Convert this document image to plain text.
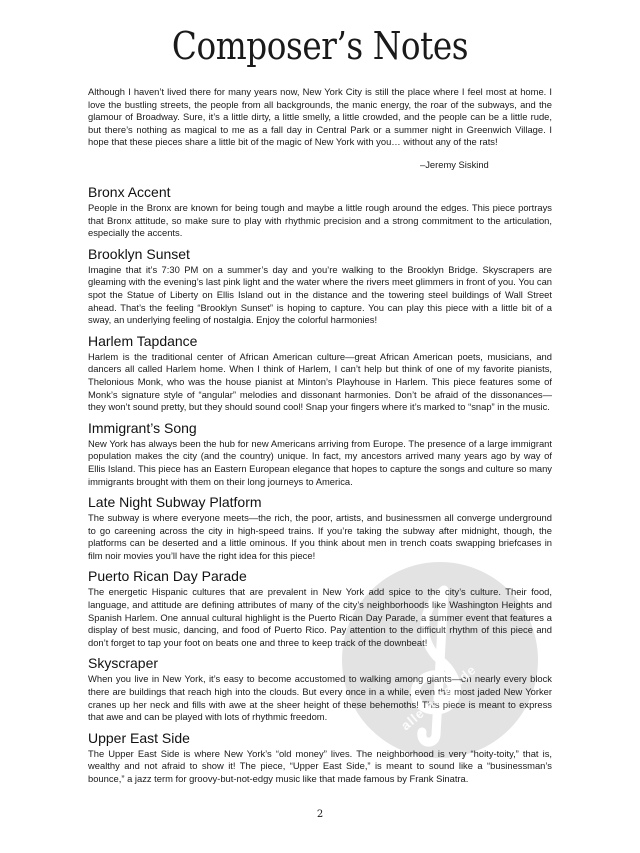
Composer’s Notes

Although I haven’t lived there for many years now, New York City is still the place where I feel most at home. I love the bustling streets, the people from all backgrounds, the manic energy, the roar of the subways, and the glamour of Broadway. Sure, it’s a little dirty, a little smelly, a little crowded, and the people can be a little rude, but there’s nothing as magical to me as a fall day in Central Park or a summer night in Greenwich Village. I hope that these pieces share a little bit of the magic of New York with you… without any of the rats!

–Jeremy Siskind
Bronx Accent

People in the Bronx are known for being tough and maybe a little rough around the edges. This piece portrays that Bronx attitude, so make sure to play with rhythmic precision and a strong commitment to the articulation, especially the accents.

Brooklyn Sunset

Imagine that it’s 7:30 PM on a summer’s day and you’re walking to the Brooklyn Bridge. Skyscrapers are gleaming with the evening’s last pink light and the water where the rivers meet glimmers in front of you. You can spot the Statue of Liberty on Ellis Island out in the distance and the towering steel buildings of Wall Street ahead. That’s the feeling “Brooklyn Sunset” is hoping to capture. You can play this piece with a little bit of a sway, an underlying feeling of nostalgia. Enjoy the colorful harmonies!

Harlem Tapdance

Harlem is the traditional center of African American culture—great African American poets, musicians, and dancers all called Harlem home. When I think of Harlem, I can’t help but think of one of my favorite pianists, Thelonious Monk, who was the house pianist at Minton’s Playhouse in Harlem. This piece features some of Monk’s signature style of “angular” melodies and dissonant harmonies. Don’t be afraid of the dissonances—they won’t sound pretty, but they should sound cool! Snap your fingers where it’s marked to “snap” in the music.

Immigrant’s Song

New York has always been the hub for new Americans arriving from Europe. The presence of a large immigrant population makes the city (and the country) unique. In fact, my ancestors arrived many years ago by way of Ellis Island. This piece has an Eastern European elegance that hopes to capture the songs and culture so many immigrants brought with them on their long journeys to America.

Late Night Subway Platform

The subway is where everyone meets—the rich, the poor, artists, and businessmen all converge underground to go careening across the city in high-speed trains. If you’re taking the subway after midnight, though, the platforms can be deserted and a little ominous. If you think about men in trench coats swapping briefcases in film noir movies you’ll have the right idea for this piece!

Puerto Rican Day Parade

The energetic Hispanic cultures that are prevalent in New York add spice to the city’s culture. Their food, language, and attitude are defining attributes of many of the city’s neighborhoods like Washington Heights and Spanish Harlem. One annual cultural highlight is the Puerto Rican Day Parade, a summer event that features a display of best music, dancing, and food of Puerto Rico. Pay attention to the difficult rhythm of this piece and don’t forget to tap your foot on beats one and three to keep track of the downbeat!

Skyscraper

When you live in New York, it’s easy to become accustomed to walking among giants—on nearly every block there are buildings that reach high into the clouds. But every once in a while, even the most jaded New Yorker cranes up her neck and fills with awe at the sheer height of these behemoths! This piece is meant to express that awe and can be played with lots of rhythmic freedom.

Upper East Side

The Upper East Side is where New York’s “old money” lives. The neighborhood is very “hoity-toity,” that is, wealthy and not afraid to show it! The piece, “Upper East Side,” is meant to sound like a “businessman’s bounce,” a jazz term for groovy-but-not-edgy music like that made famous by Frank Sinatra.

alle-noten.de
2
